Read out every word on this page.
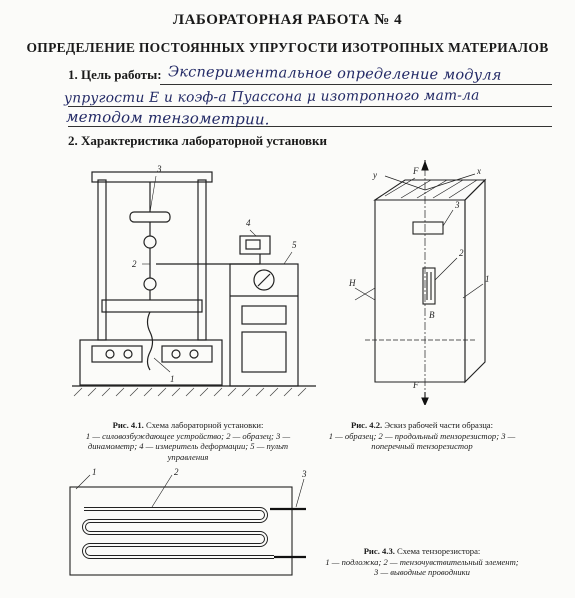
ЛАБОРАТОРНАЯ РАБОТА № 4
ОПРЕДЕЛЕНИЕ ПОСТОЯННЫХ УПРУГОСТИ ИЗОТРОПНЫХ МАТЕРИАЛОВ
1. Цель работы: Экспериментальное определение модуля
упругости Е и коэф-а Пуассона μ изотропного мат-ла
методом тензометрии.
2. Характеристика лабораторной установки
3
2
1
4
5
Рис. 4.1. Схема лабораторной установки:
1 — силовозбуждающее устройство; 2 — образец; 3 —
динамометр; 4 — измеритель деформации; 5 — пульт
управления
F
F
x
y
H
B
3
2
1
Рис. 4.2. Эскиз рабочей части образца:
1 — образец; 2 — продольный тензорезистор; 3 —
поперечный тензорезистор
1	2	3
Рис. 4.3. Схема тензорезистора:
1 — подложка; 2 — тензочувствительный элемент;
3 — выводные проводники
